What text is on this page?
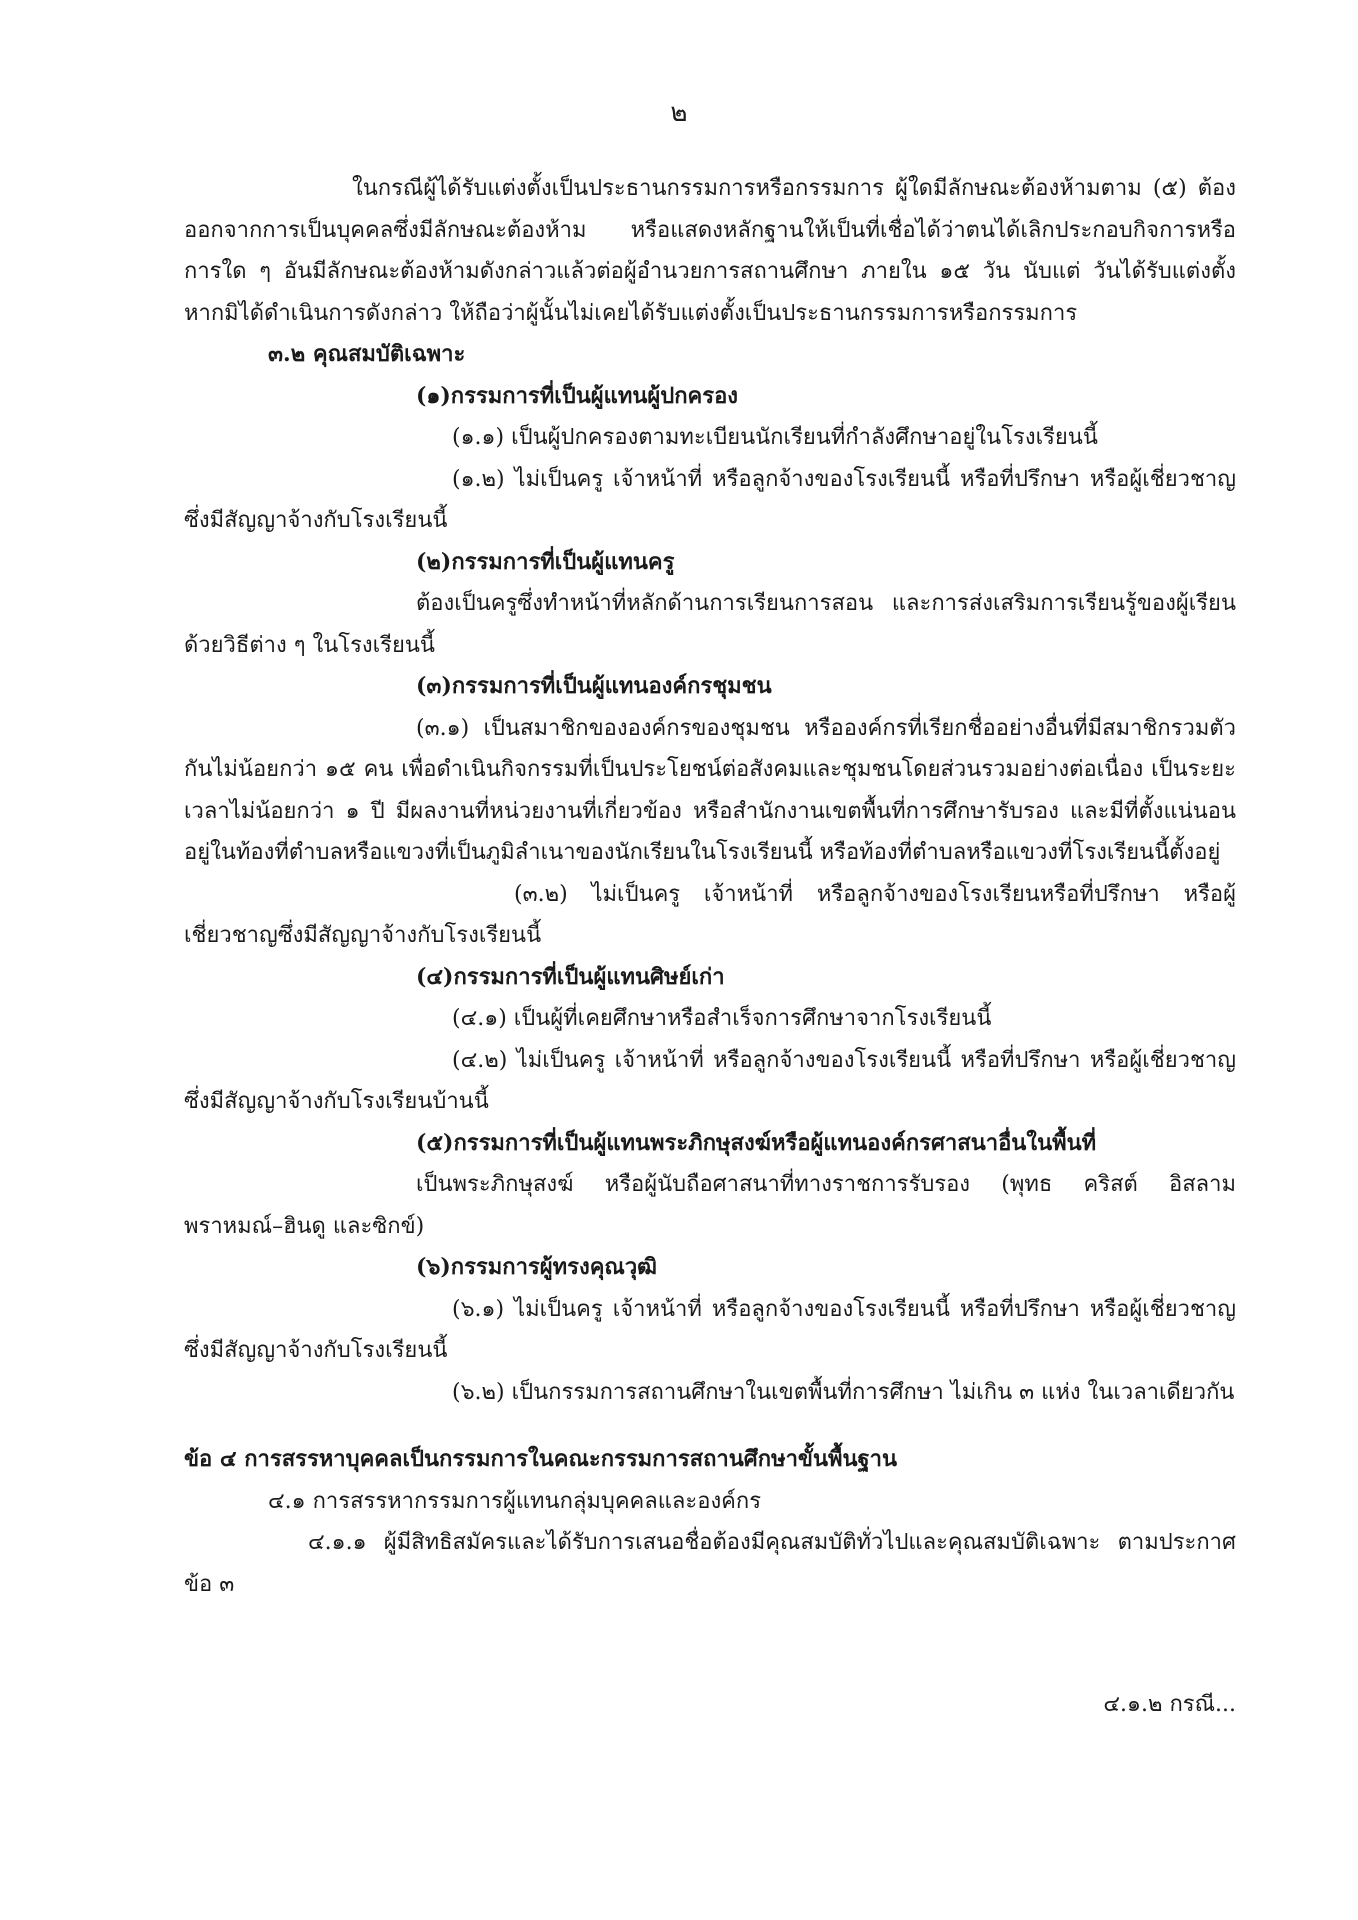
๒

ในกรณีผู้ได้รับแต่งตั้งเป็นประธานกรรมการหรือกรรมการ ผู้ใดมีลักษณะต้องห้ามตาม (๕) ต้องออกจากการเป็นบุคคลซึ่งมีลักษณะต้องห้าม หรือแสดงหลักฐานให้เป็นที่เชื่อได้ว่าตนได้เลิกประกอบกิจการหรือการใด ๆ อันมีลักษณะต้องห้ามดังกล่าวแล้วต่อผู้อำนวยการสถานศึกษา ภายใน ๑๕ วัน นับแต่ วันได้รับแต่งตั้ง หากมิได้ดำเนินการดังกล่าว ให้ถือว่าผู้นั้นไม่เคยได้รับแต่งตั้งเป็นประธานกรรมการหรือกรรมการ

๓.๒ คุณสมบัติเฉพาะ

(๑)กรรมการที่เป็นผู้แทนผู้ปกครอง

(๑.๑) เป็นผู้ปกครองตามทะเบียนนักเรียนที่กำลังศึกษาอยู่ในโรงเรียนนี้

(๑.๒) ไม่เป็นครู เจ้าหน้าที่ หรือลูกจ้างของโรงเรียนนี้ หรือที่ปรึกษา หรือผู้เชี่ยวชาญซึ่งมีสัญญาจ้างกับโรงเรียนนี้

(๒)กรรมการที่เป็นผู้แทนครู

ต้องเป็นครูซึ่งทำหน้าที่หลักด้านการเรียนการสอน และการส่งเสริมการเรียนรู้ของผู้เรียนด้วยวิธีต่าง ๆ ในโรงเรียนนี้

(๓)กรรมการที่เป็นผู้แทนองค์กรชุมชน

(๓.๑) เป็นสมาชิกขององค์กรของชุมชน หรือองค์กรที่เรียกชื่ออย่างอื่นที่มีสมาชิกรวมตัวกันไม่น้อยกว่า ๑๕ คน เพื่อดำเนินกิจกรรมที่เป็นประโยชน์ต่อสังคมและชุมชนโดยส่วนรวมอย่างต่อเนื่อง เป็นระยะเวลาไม่น้อยกว่า ๑ ปี มีผลงานที่หน่วยงานที่เกี่ยวข้อง หรือสำนักงานเขตพื้นที่การศึกษารับรอง และมีที่ตั้งแน่นอนอยู่ในท้องที่ตำบลหรือแขวงที่เป็นภูมิลำเนาของนักเรียนในโรงเรียนนี้ หรือท้องที่ตำบลหรือแขวงที่โรงเรียนนี้ตั้งอยู่

(๓.๒) ไม่เป็นครู เจ้าหน้าที่ หรือลูกจ้างของโรงเรียนหรือที่ปรึกษา หรือผู้เชี่ยวชาญซึ่งมีสัญญาจ้างกับโรงเรียนนี้

(๔)กรรมการที่เป็นผู้แทนศิษย์เก่า

(๔.๑) เป็นผู้ที่เคยศึกษาหรือสำเร็จการศึกษาจากโรงเรียนนี้

(๔.๒) ไม่เป็นครู เจ้าหน้าที่ หรือลูกจ้างของโรงเรียนนี้ หรือที่ปรึกษา หรือผู้เชี่ยวชาญซึ่งมีสัญญาจ้างกับโรงเรียนบ้านนี้

(๕)กรรมการที่เป็นผู้แทนพระภิกษุสงฆ์หรือผู้แทนองค์กรศาสนาอื่นในพื้นที่

เป็นพระภิกษุสงฆ์ หรือผู้นับถือศาสนาที่ทางราชการรับรอง (พุทธ คริสต์ อิสลาม พราหมณ์–ฮินดู และซิกข์)

(๖)กรรมการผู้ทรงคุณวุฒิ

(๖.๑) ไม่เป็นครู เจ้าหน้าที่ หรือลูกจ้างของโรงเรียนนี้ หรือที่ปรึกษา หรือผู้เชี่ยวชาญซึ่งมีสัญญาจ้างกับโรงเรียนนี้

(๖.๒) เป็นกรรมการสถานศึกษาในเขตพื้นที่การศึกษา ไม่เกิน ๓ แห่ง ในเวลาเดียวกัน

ข้อ ๔ การสรรหาบุคคลเป็นกรรมการในคณะกรรมการสถานศึกษาขั้นพื้นฐาน

๔.๑ การสรรหากรรมการผู้แทนกลุ่มบุคคลและองค์กร

๔.๑.๑ ผู้มีสิทธิสมัครและได้รับการเสนอชื่อต้องมีคุณสมบัติทั่วไปและคุณสมบัติเฉพาะ ตามประกาศ ข้อ ๓

๔.๑.๒ กรณี...
